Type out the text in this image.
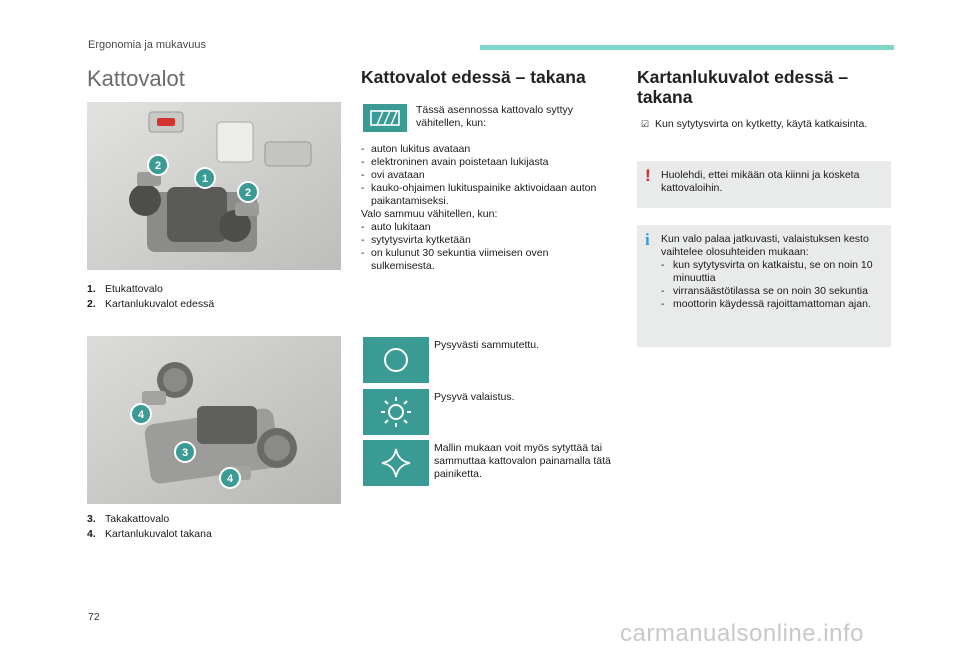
Ergonomia ja mukavuus
Kattovalot
1
2
2
1. Etukattovalo
2. Kartanlukuvalot edessä
4
3
4
3. Takakattovalo
4. Kartanlukuvalot takana
Kattovalot edessä – takana
Tässä asennossa kattovalo syttyy vähitellen, kun:
- auton lukitus avataan
- elektroninen avain poistetaan lukijasta
- ovi avataan
- kauko-ohjaimen lukituspainike aktivoidaan auton paikantamiseksi.
Valo sammuu vähitellen, kun:
- auto lukitaan
- sytytysvirta kytketään
- on kulunut 30 sekuntia viimeisen oven sulkemisesta.
Pysyvästi sammutettu.
Pysyvä valaistus.
Mallin mukaan voit myös sytyttää tai sammuttaa kattovalon painamalla tätä painiketta.
Kartanlukuvalot edessä – takana
☑ Kun sytytysvirta on kytketty, käytä katkaisinta.
! Huolehdi, ettei mikään ota kiinni ja kosketa kattovaloihin.
i Kun valo palaa jatkuvasti, valaistuksen kesto vaihtelee olosuhteiden mukaan:
- kun sytytysvirta on katkaistu, se on noin 10 minuuttia
- virransäästötilassa se on noin 30 sekuntia
- moottorin käydessä rajoittamattoman ajan.
72
carmanualsonline.info
